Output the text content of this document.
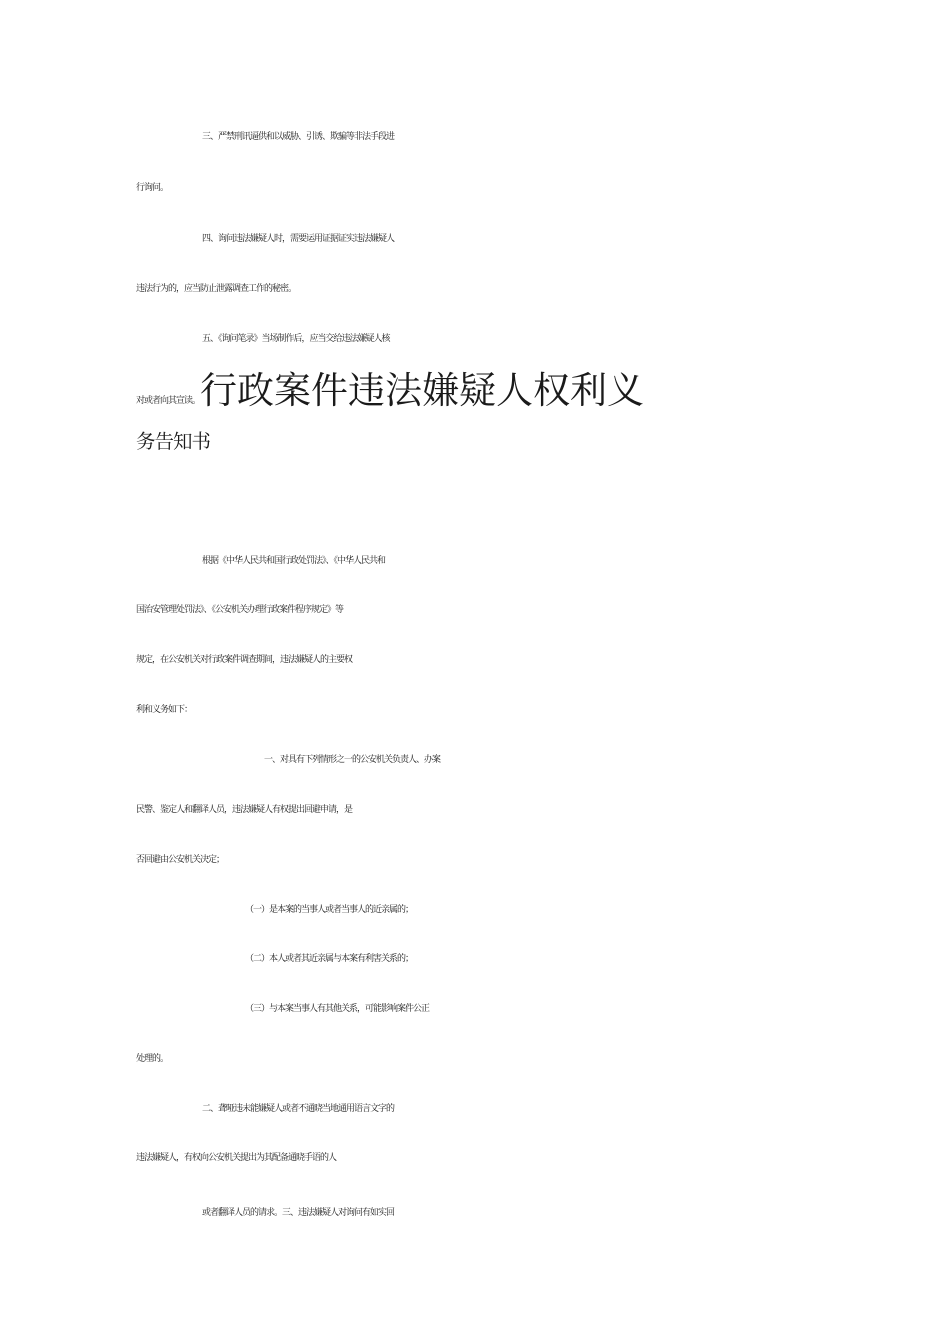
三、严禁刑讯逼供和以威胁、引诱、欺骗等非法手段进
行询问。
四、询问违法嫌疑人时，需要运用证据证实违法嫌疑人
违法行为的，应当防止泄露调查工作的秘密。
五、《询问笔录》当场制作后，应当交给违法嫌疑人核
对或者向其宣读。行政案件违法嫌疑人权利义
务告知书
根据《中华人民共和国行政处罚法》、《中华人民共和
国治安管理处罚法》、《公安机关办理行政案件程序规定》等
规定，在公安机关对行政案件调查期间，违法嫌疑人的主要权
利和义务如下：
一、对具有下列情形之一的公安机关负责人、办案
民警、鉴定人和翻译人员，违法嫌疑人有权提出回避申请，是
否回避由公安机关决定；
（一）是本案的当事人或者当事人的近亲属的；
（二）本人或者其近亲属与本案有利害关系的；
（三）与本案当事人有其他关系，可能影响案件公正
处理的。
二、聋哑违未能嫌疑人或者不通晓当地通用语言文字的
违法嫌疑人，有权向公安机关提出为其配备通晓手语的人
或者翻译人员的请求。三、违法嫌疑人对询问有如实回
